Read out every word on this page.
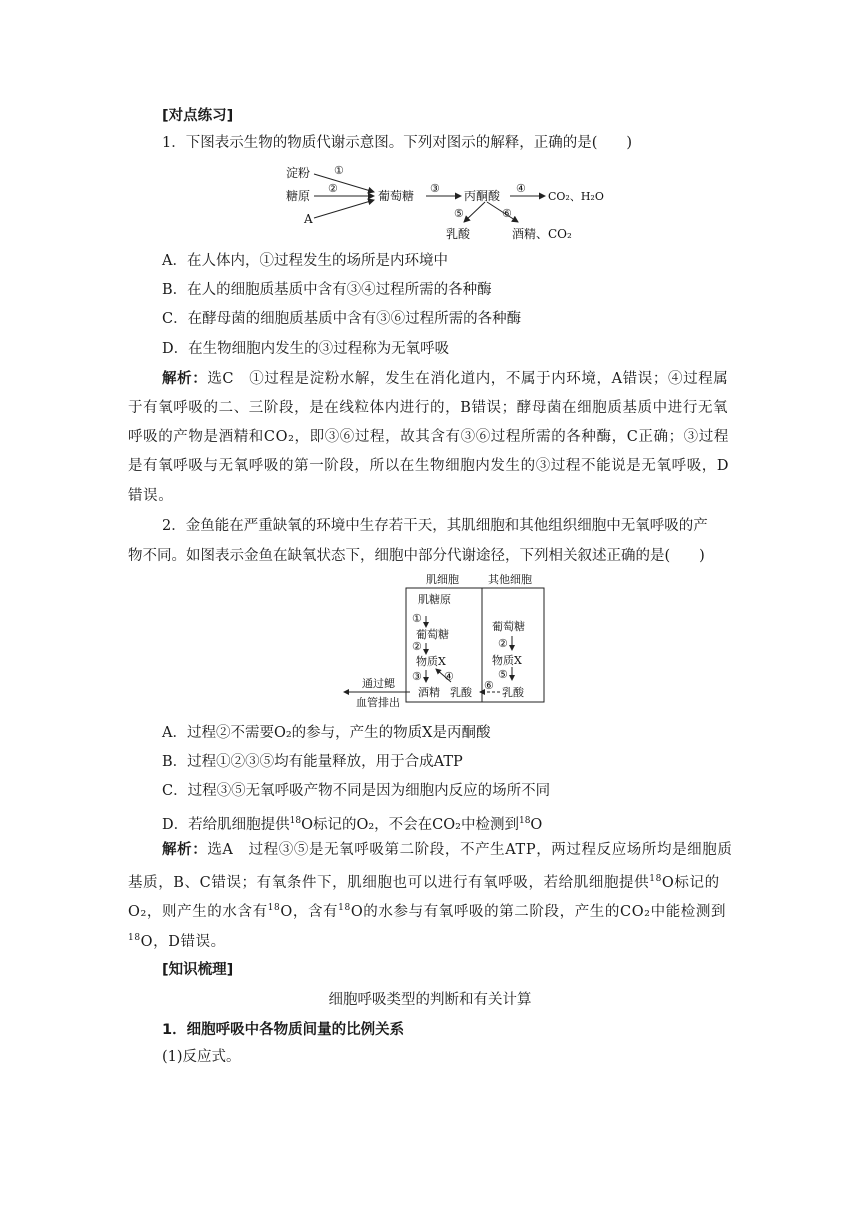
[对点练习]
1．下图表示生物的物质代谢示意图。下列对图示的解释，正确的是(　　)
淀粉
糖原
A
葡萄糖	丙酮酸	CO₂、H₂O
乳酸	酒精、CO₂
①
②	③	④
⑤	⑥
A．在人体内，①过程发生的场所是内环境中
B．在人的细胞质基质中含有③④过程所需的各种酶
C．在酵母菌的细胞质基质中含有③⑥过程所需的各种酶
D．在生物细胞内发生的③过程称为无氧呼吸
解析：选C　①过程是淀粉水解，发生在消化道内，不属于内环境，A错误；④过程属
于有氧呼吸的二、三阶段，是在线粒体内进行的，B错误；酵母菌在细胞质基质中进行无氧
呼吸的产物是酒精和CO₂，即③⑥过程，故其含有③⑥过程所需的各种酶，C正确；③过程
是有氧呼吸与无氧呼吸的第一阶段，所以在生物细胞内发生的③过程不能说是无氧呼吸，D
错误。
2．金鱼能在严重缺氧的环境中生存若干天，其肌细胞和其他组织细胞中无氧呼吸的产
物不同。如图表示金鱼在缺氧状态下，细胞中部分代谢途径，下列相关叙述正确的是(　　)
肌细胞	其他细胞
肌糖原
①
葡萄糖
②
物质X
③ ④
酒精 乳酸
葡萄糖
②
物质X
⑤
乳酸
⑥
通过鳃
血管排出
A．过程②不需要O₂的参与，产生的物质X是丙酮酸
B．过程①②③⑤均有能量释放，用于合成ATP
C．过程③⑤无氧呼吸产物不同是因为细胞内反应的场所不同
D．若给肌细胞提供$^{18}$O标记的O₂，不会在CO₂中检测到$^{18}$O
解析：选A　过程③⑤是无氧呼吸第二阶段，不产生ATP，两过程反应场所均是细胞质
基质，B、C错误；有氧条件下，肌细胞也可以进行有氧呼吸，若给肌细胞提供$^{18}$O标记的
O₂，则产生的水含有$^{18}$O，含有$^{18}$O的水参与有氧呼吸的第二阶段，产生的CO₂中能检测到
$^{18}$O，D错误。
[知识梳理]
细胞呼吸类型的判断和有关计算
1．细胞呼吸中各物质间量的比例关系
(1)反应式。
